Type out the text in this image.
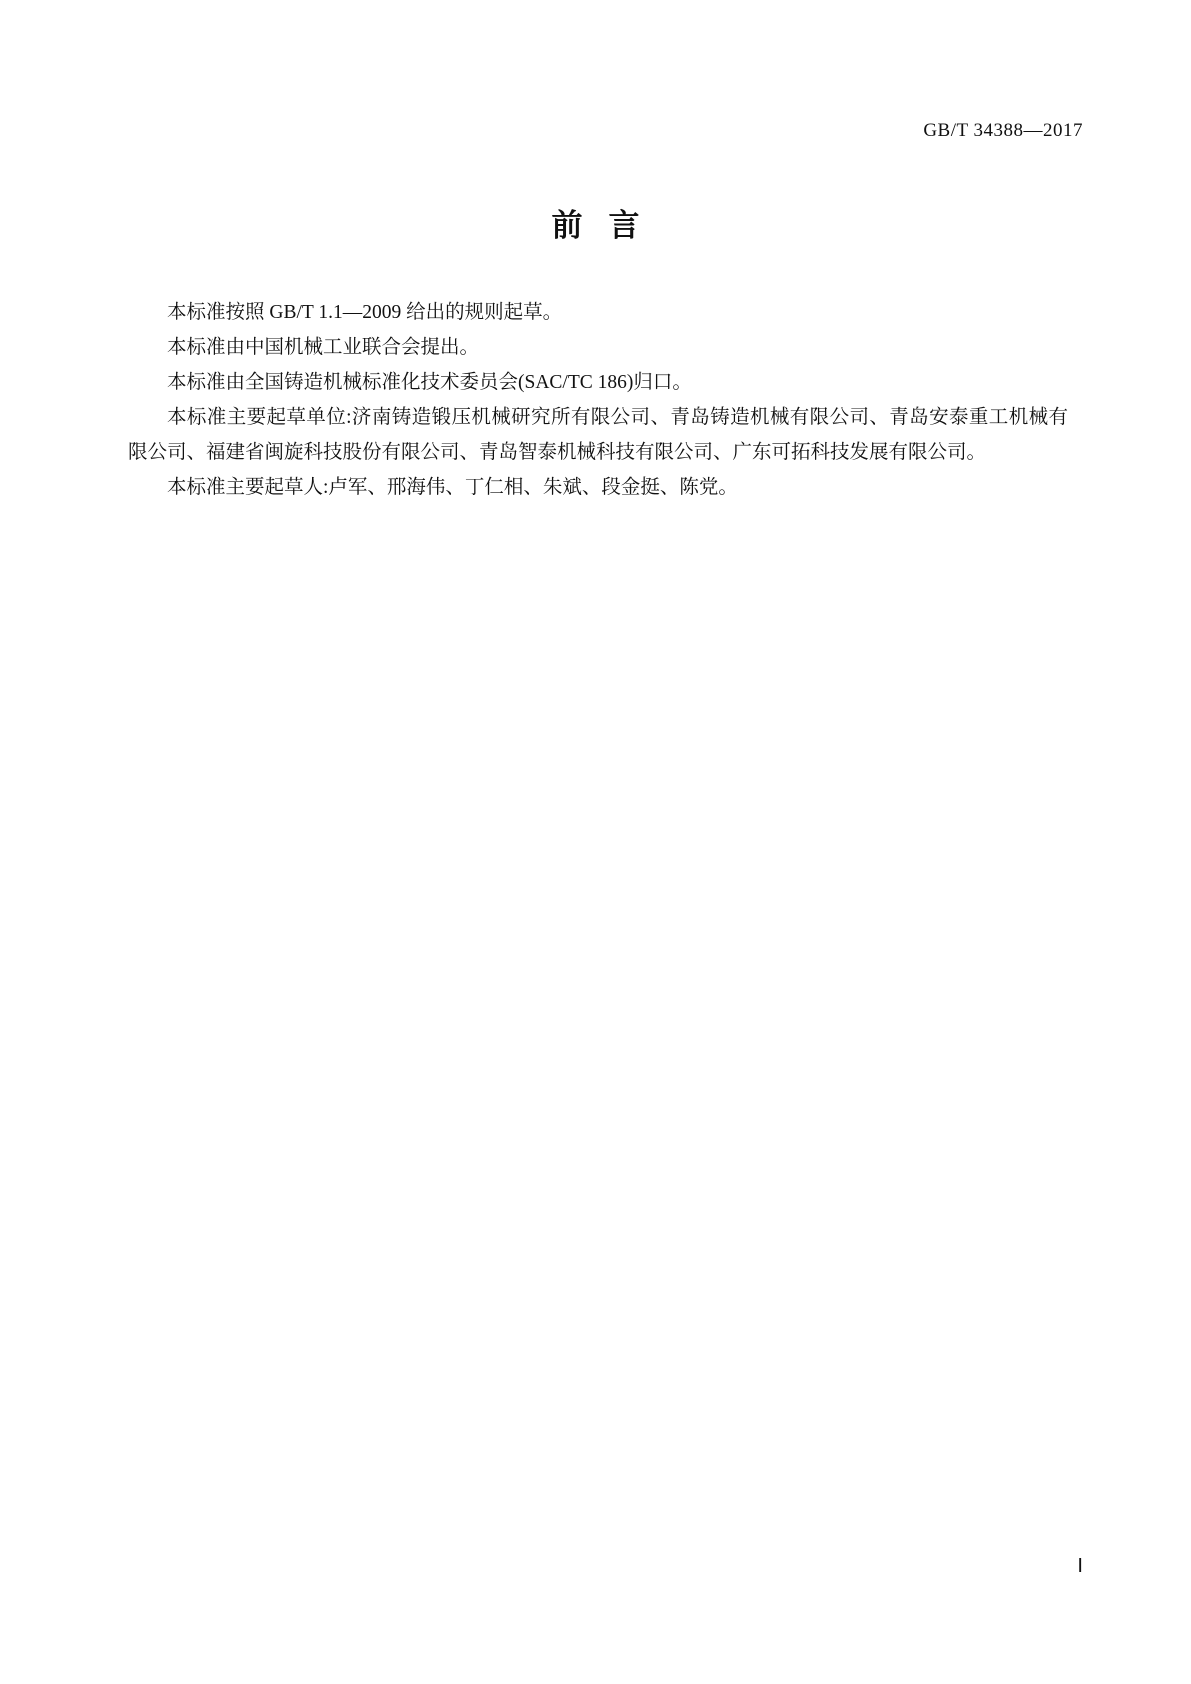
GB/T 34388—2017
前言

本标准按照 GB/T 1.1—2009 给出的规则起草。

本标准由中国机械工业联合会提出。

本标准由全国铸造机械标准化技术委员会(SAC/TC 186)归口。

本标准主要起草单位:济南铸造锻压机械研究所有限公司、青岛铸造机械有限公司、青岛安泰重工机械有限公司、福建省闽旋科技股份有限公司、青岛智泰机械科技有限公司、广东可拓科技发展有限公司。

本标准主要起草人:卢军、邢海伟、丁仁相、朱斌、段金挺、陈党。

Ⅰ
